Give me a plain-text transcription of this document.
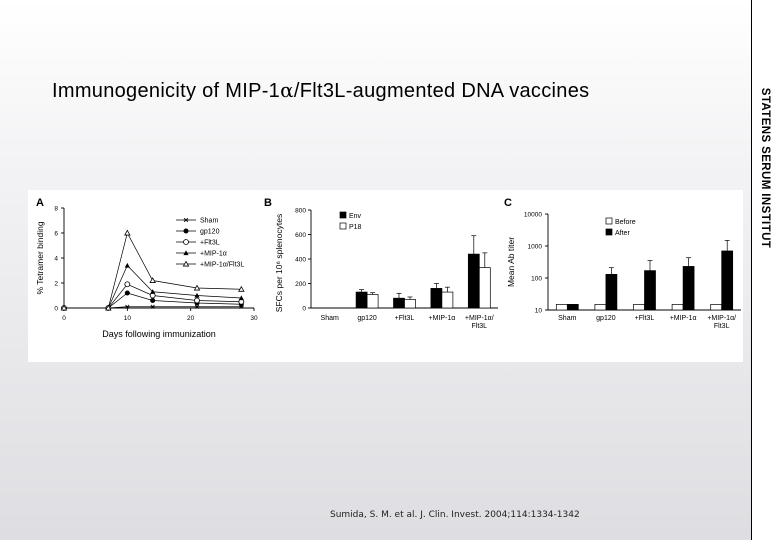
STATENS SERUM INSTITUT
Immunogenicity of MIP-1α/Flt3L-augmented DNA vaccines
A
0
2
4
6
8
0	10	20	30
% Tetramer binding
Days following immunization
Sham
gp120
+Flt3L
+MIP-1α
+MIP-1α/Flt3L
B
0
200
400
600
800
SFCs per 10⁶ splenocytes
Sham	gp120	+Flt3L +MIP-1α +MIP-1α/
Flt3L
Env
P18
C
10
100
1000
10000
Mean Ab titer
Sham	gp120	+Flt3L +MIP-1α +MIP-1α/
Flt3L
Before
After
Sumida, S. M. et al. J. Clin. Invest. 2004;114:1334-1342
